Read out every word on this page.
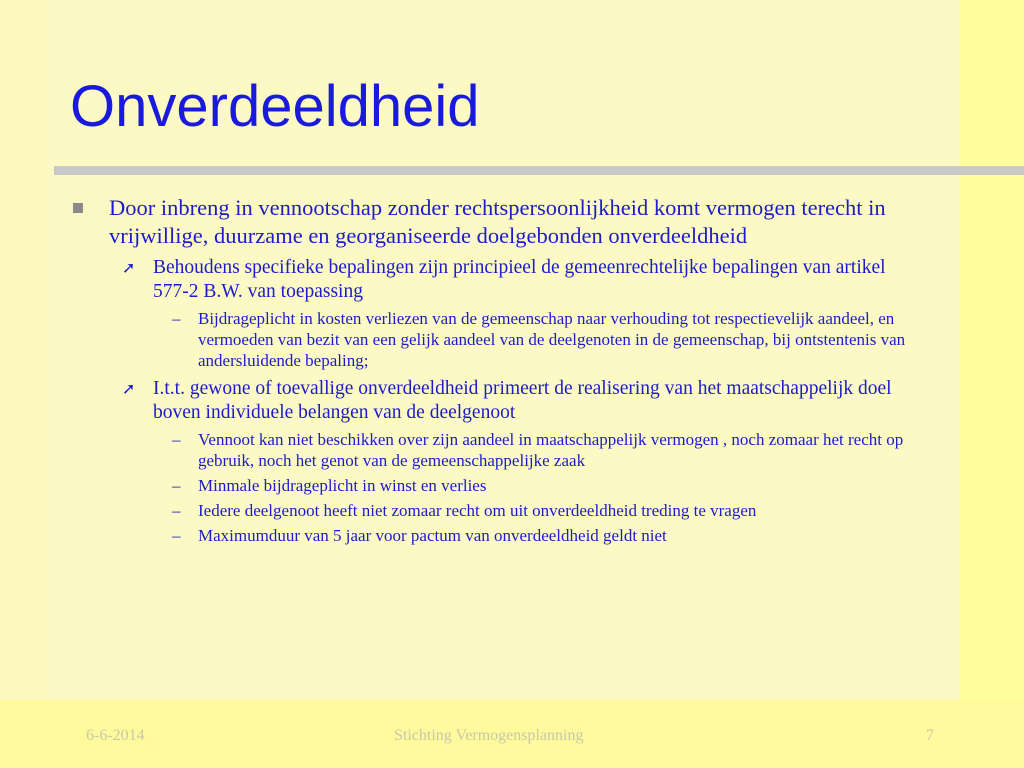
Onverdeeldheid
Door inbreng in vennootschap zonder rechtspersoonlijkheid komt vermogen terecht in vrijwillige, duurzame en georganiseerde doelgebonden onverdeeldheid
➚ Behoudens specifieke bepalingen zijn principieel de gemeenrechtelijke bepalingen van artikel 577-2 B.W. van toepassing
– Bijdrageplicht in kosten verliezen van de gemeenschap naar verhouding tot respectievelijk aandeel, en vermoeden van bezit van een gelijk aandeel van de deelgenoten in de gemeenschap, bij ontstentenis van andersluidende bepaling;
➚ I.t.t. gewone of toevallige onverdeeldheid primeert de realisering van het maatschappelijk doel boven individuele belangen van de deelgenoot
– Vennoot kan niet beschikken over zijn aandeel in maatschappelijk vermogen , noch zomaar het recht op gebruik, noch het genot van de gemeenschappelijke zaak
– Minmale bijdrageplicht in winst en verlies
– Iedere deelgenoot heeft niet zomaar recht om uit onverdeeldheid treding te vragen
– Maximumduur van 5 jaar voor pactum van onverdeeldheid geldt niet
6-6-2014	Stichting Vermogensplanning	7
